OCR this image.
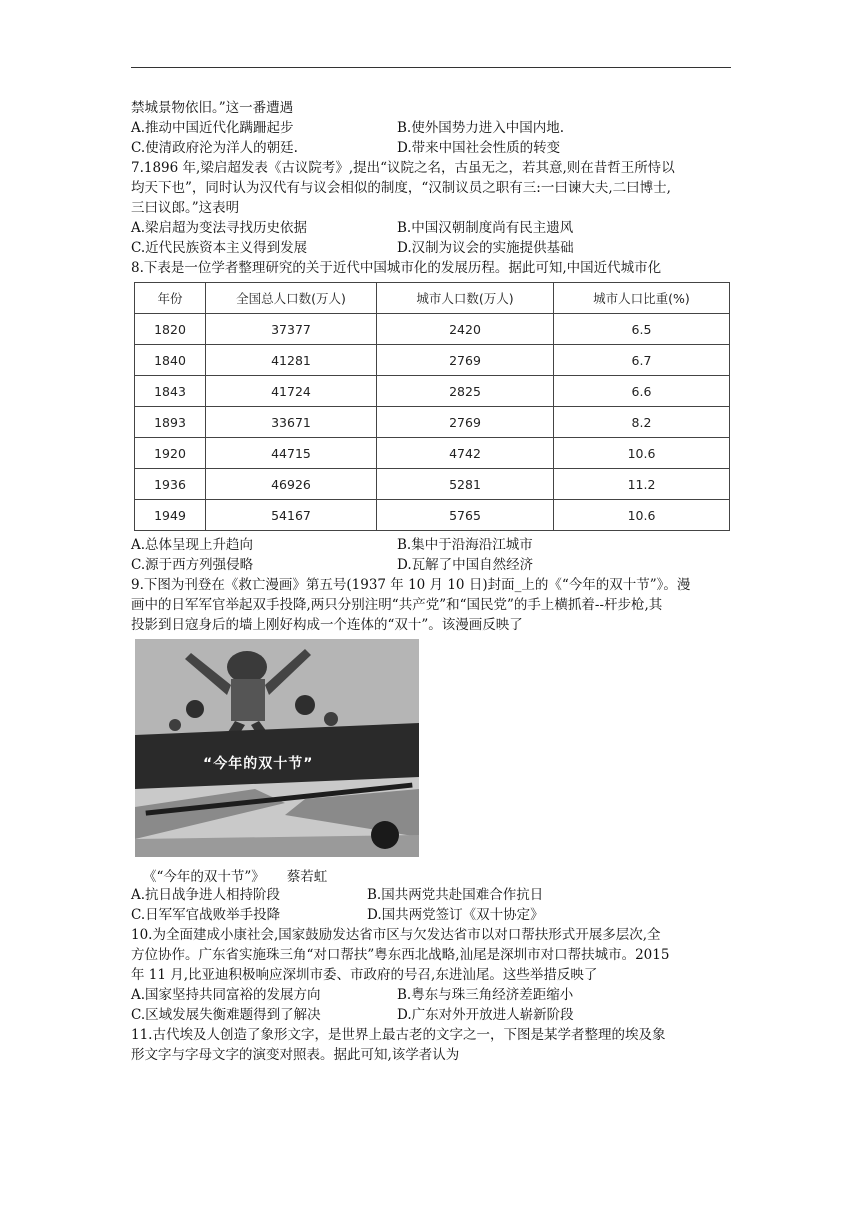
禁城景物依旧。”这一番遭遇
A.推动中国近代化蹒跚起步	B.使外国势力进入中国内地.
C.使清政府沦为洋人的朝廷.	D.带来中国社会性质的转变
7.1896 年,梁启超发表《古议院考》,提出“议院之名，古虽无之，若其意,则在昔哲王所恃以
均天下也”，同时认为汉代有与议会相似的制度，“汉制议员之职有三:一曰谏大夫,二曰博士,
三曰议郎。”这表明
A.梁启超为变法寻找历史依据	B.中国汉朝制度尚有民主遗风
C.近代民族资本主义得到发展	D.汉制为议会的实施提供基础
8.下表是一位学者整理研究的关于近代中国城市化的发展历程。据此可知,中国近代城市化
年份	全国总人口数(万人)	城市人口数(万人)	城市人口比重(%)
1820	37377	2420	6.5
1840	41281	2769	6.7
1843	41724	2825	6.6
1893	33671	2769	8.2
1920	44715	4742	10.6
1936	46926	5281	11.2
1949	54167	5765	10.6
A.总体呈现上升趋向	B.集中于沿海沿江城市
C.源于西方列强侵略	D.瓦解了中国自然经济
9.下图为刊登在《救亡漫画》第五号(1937 年 10 月 10 日)封面_上的《“今年的双十节”》。漫
画中的日军军官举起双手投降,两只分别注明“共产党”和“国民党”的手上横抓着--杆步枪,其
投影到日寇身后的墙上刚好构成一个连体的“双十”。该漫画反映了
“今年的双十节”
《“今年的双十节”》 蔡若虹
A.抗日战争进人相持阶段	B.国共两党共赴国难合作抗日
C.日军军官战败举手投降	D.国共两党签订《双十协定》
10.为全面建成小康社会,国家鼓励发达省市区与欠发达省市以对口帮扶形式开展多层次,全
方位协作。广东省实施珠三角“对口帮扶”粤东西北战略,汕尾是深圳市对口帮扶城市。2015
年 11 月,比亚迪积极响应深圳市委、市政府的号召,东进汕尾。这些举措反映了
A.国家坚持共同富裕的发展方向	B.粤东与珠三角经济差距缩小
C.区域发展失衡难题得到了解决	D.广东对外开放进人崭新阶段
11.古代埃及人创造了象形文字，是世界上最古老的文字之一，下图是某学者整理的埃及象
形文字与字母文字的演变对照表。据此可知,该学者认为
